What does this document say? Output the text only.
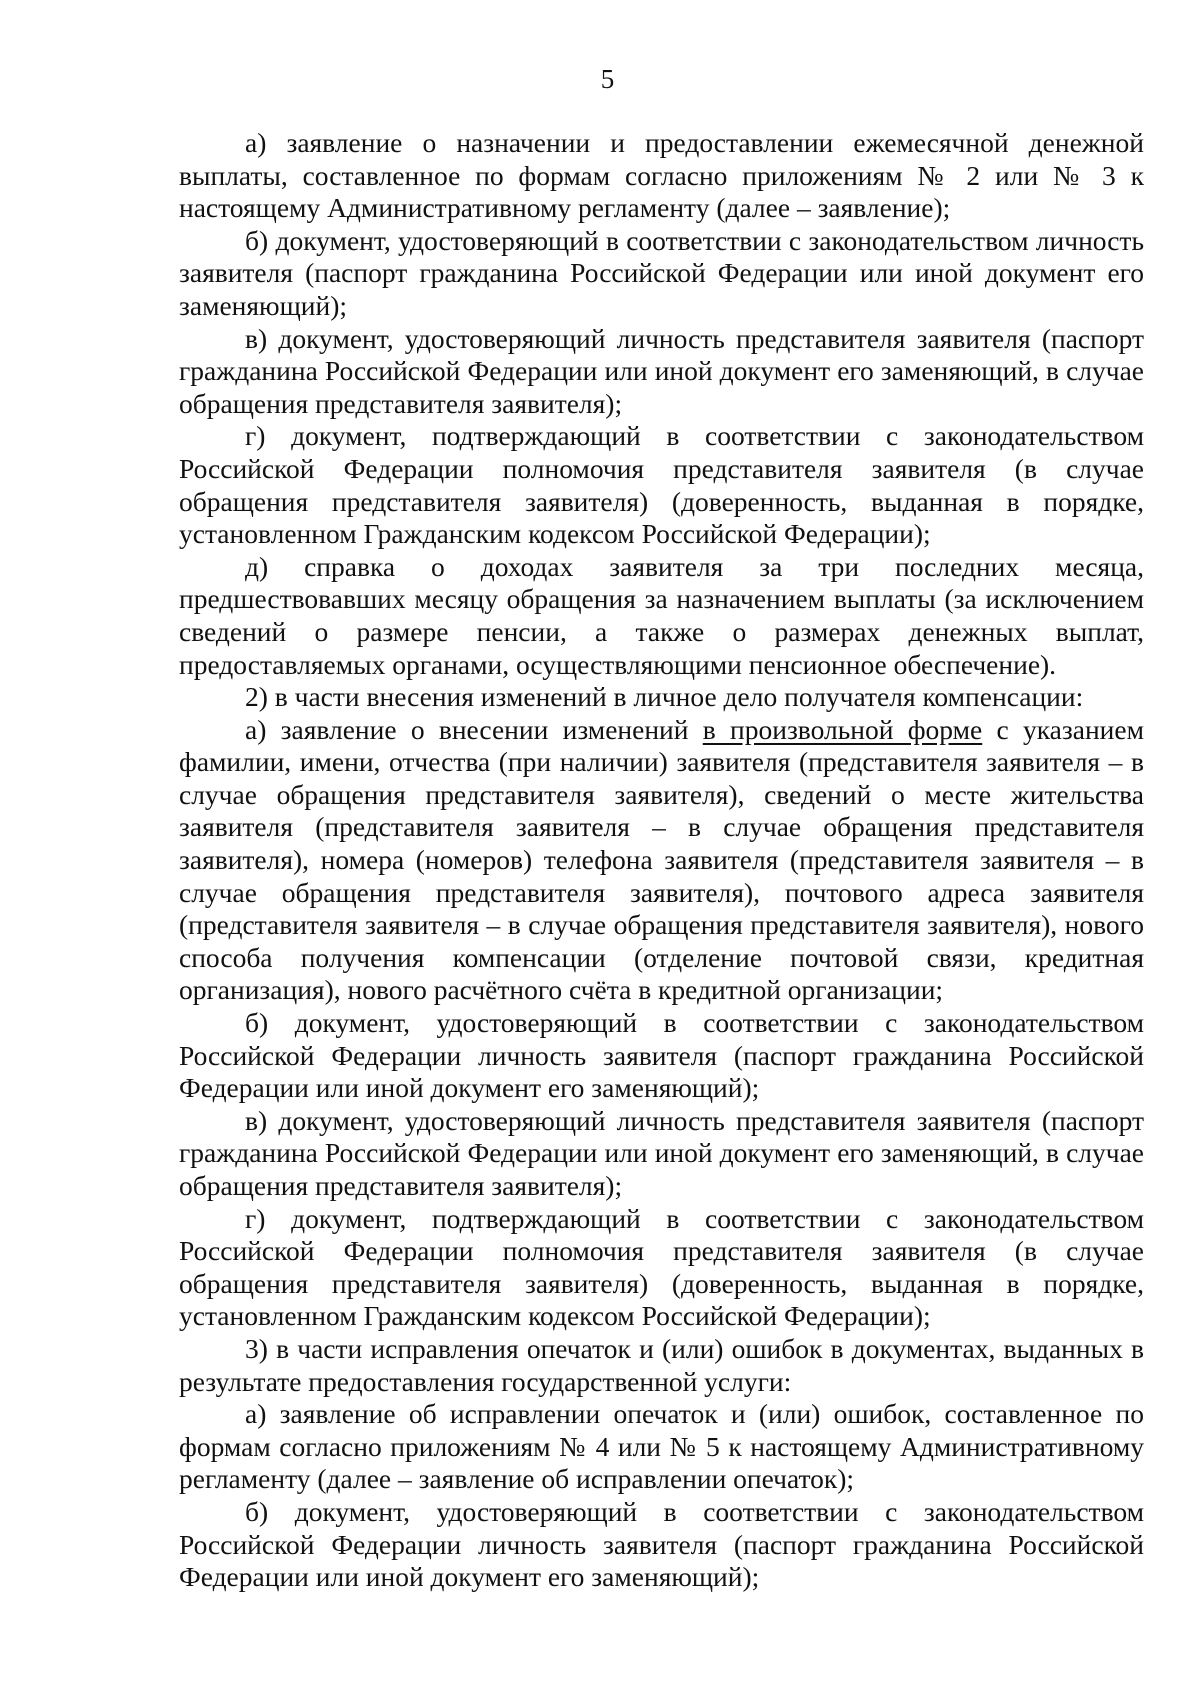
5

а) заявление о назначении и предоставлении ежемесячной денежной выплаты, составленное по формам согласно приложениям № 2 или № 3 к настоящему Административному регламенту (далее – заявление);

б) документ, удостоверяющий в соответствии с законодательством личность заявителя (паспорт гражданина Российской Федерации или иной документ его заменяющий);

в) документ, удостоверяющий личность представителя заявителя (паспорт гражданина Российской Федерации или иной документ его заменяющий, в случае обращения представителя заявителя);

г) документ, подтверждающий в соответствии с законодательством Российской Федерации полномочия представителя заявителя (в случае обращения представителя заявителя) (доверенность, выданная в порядке, установленном Гражданским кодексом Российской Федерации);

д) справка о доходах заявителя за три последних месяца, предшествовавших месяцу обращения за назначением выплаты (за исключением сведений о размере пенсии, а также о размерах денежных выплат, предоставляемых органами, осуществляющими пенсионное обеспечение).

2) в части внесения изменений в личное дело получателя компенсации:

а) заявление о внесении изменений в произвольной форме с указанием фамилии, имени, отчества (при наличии) заявителя (представителя заявителя – в случае обращения представителя заявителя), сведений о месте жительства заявителя (представителя заявителя – в случае обращения представителя заявителя), номера (номеров) телефона заявителя (представителя заявителя – в случае обращения представителя заявителя), почтового адреса заявителя (представителя заявителя – в случае обращения представителя заявителя), нового способа получения компенсации (отделение почтовой связи, кредитная организация), нового расчётного счёта в кредитной организации;

б) документ, удостоверяющий в соответствии с законодательством Российской Федерации личность заявителя (паспорт гражданина Российской Федерации или иной документ его заменяющий);

в) документ, удостоверяющий личность представителя заявителя (паспорт гражданина Российской Федерации или иной документ его заменяющий, в случае обращения представителя заявителя);

г) документ, подтверждающий в соответствии с законодательством Российской Федерации полномочия представителя заявителя (в случае обращения представителя заявителя) (доверенность, выданная в порядке, установленном Гражданским кодексом Российской Федерации);

3) в части исправления опечаток и (или) ошибок в документах, выданных в результате предоставления государственной услуги:

а) заявление об исправлении опечаток и (или) ошибок, составленное по формам согласно приложениям № 4 или № 5 к настоящему Административному регламенту (далее – заявление об исправлении опечаток);

б) документ, удостоверяющий в соответствии с законодательством Российской Федерации личность заявителя (паспорт гражданина Российской Федерации или иной документ его заменяющий);
